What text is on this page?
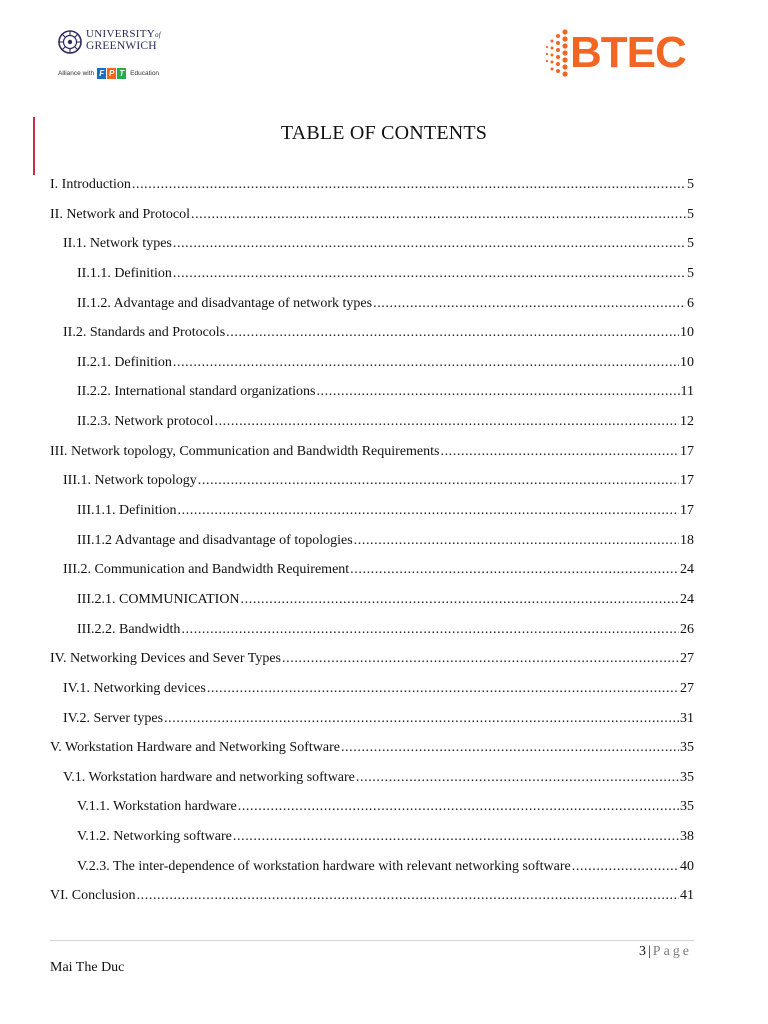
UNIVERSITYof
GREENWICH
Alliance with F P T Education	BTEC
TABLE OF CONTENTS
I. Introduction .....	5
II. Network and Protocol .....	5
II.1. Network types .....	5
II.1.1. Definition .....	5
II.1.2. Advantage and disadvantage of network types .....	6
II.2. Standards and Protocols .....	10
II.2.1. Definition .....	10
II.2.2. International standard organizations .....	11
II.2.3. Network protocol .....	12
III. Network topology, Communication and Bandwidth Requirements .....	17
III.1. Network topology .....	17
III.1.1. Definition .....	17
III.1.2 Advantage and disadvantage of topologies .....	18
III.2. Communication and Bandwidth Requirement .....	24
III.2.1. COMMUNICATION .....	24
III.2.2. Bandwidth .....	26
IV. Networking Devices and Sever Types .....	27
IV.1. Networking devices .....	27
IV.2. Server types .....	31
V. Workstation Hardware and Networking Software .....	35
V.1. Workstation hardware and networking software .....	35
V.1.1. Workstation hardware .....	35
V.1.2. Networking software .....	38
V.2.3. The inter-dependence of workstation hardware with relevant networking software .....	40
VI. Conclusion .....	41
3 | Page
Mai The Duc
